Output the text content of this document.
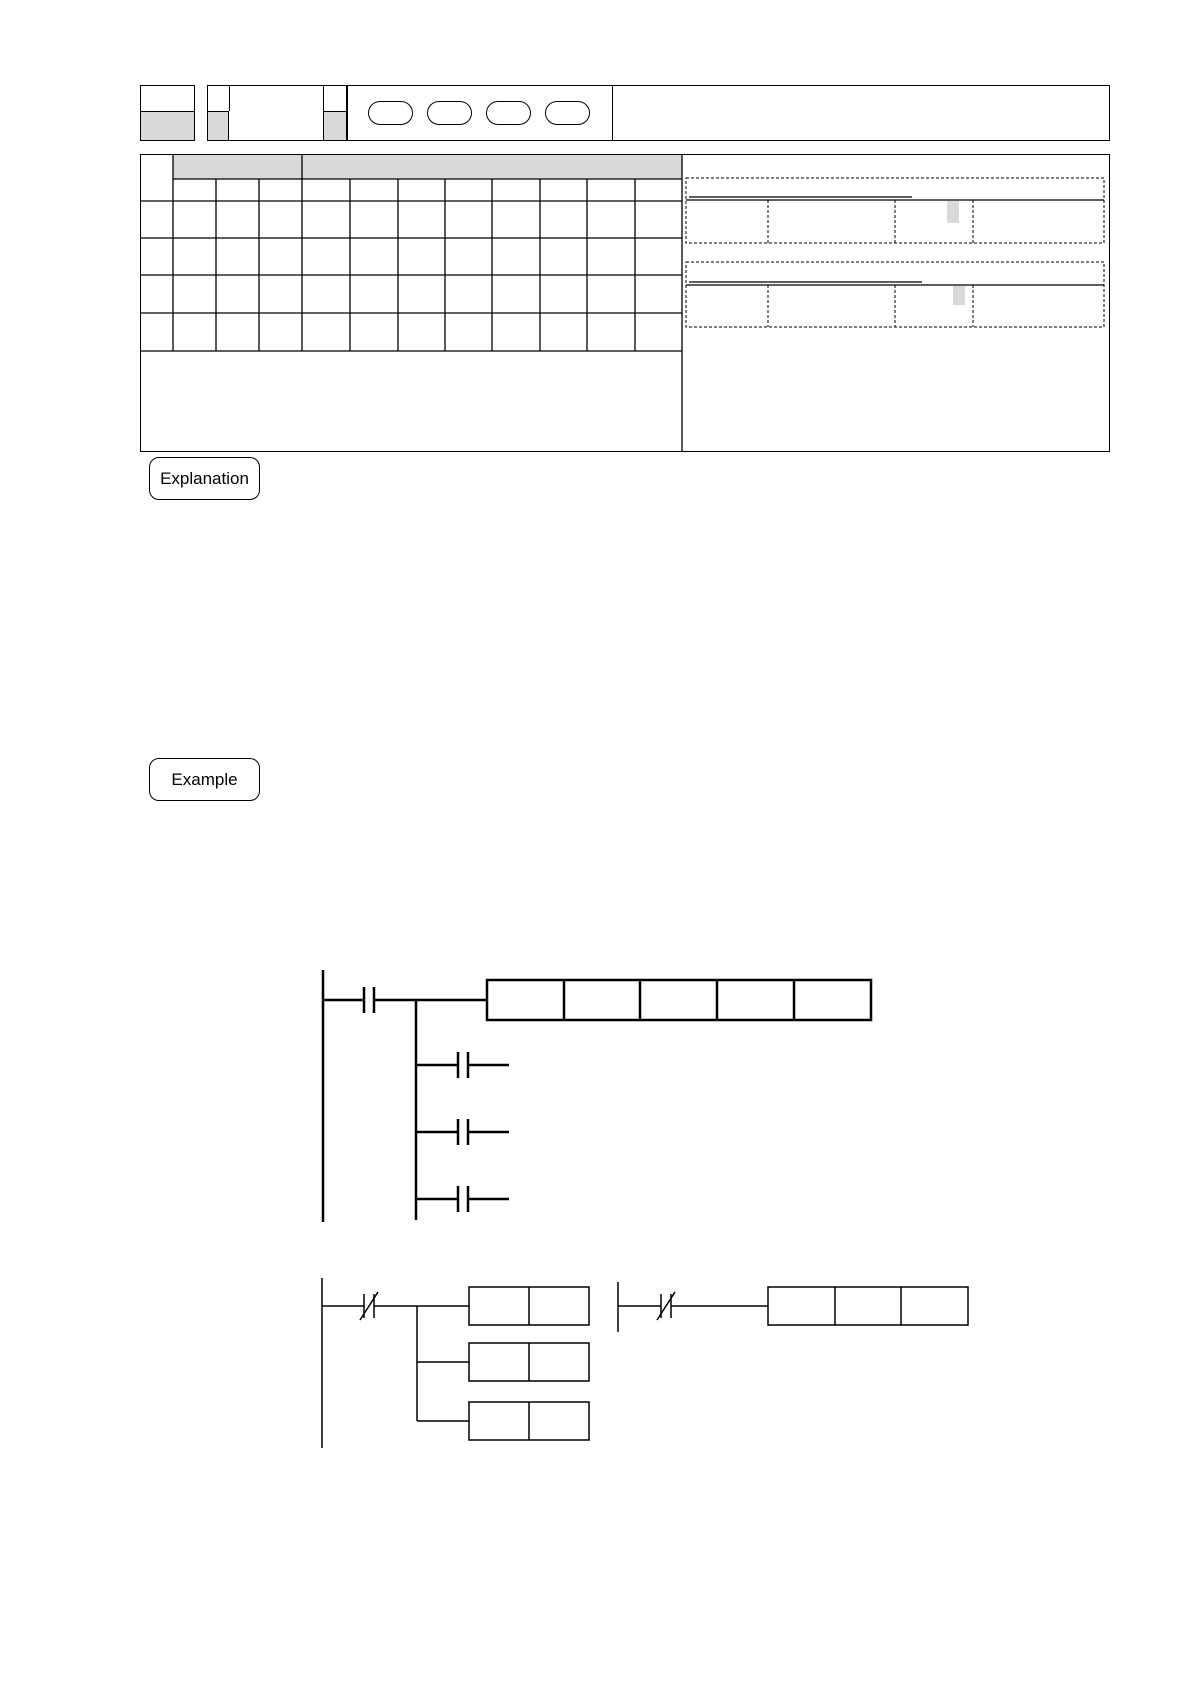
Explanation
Example
